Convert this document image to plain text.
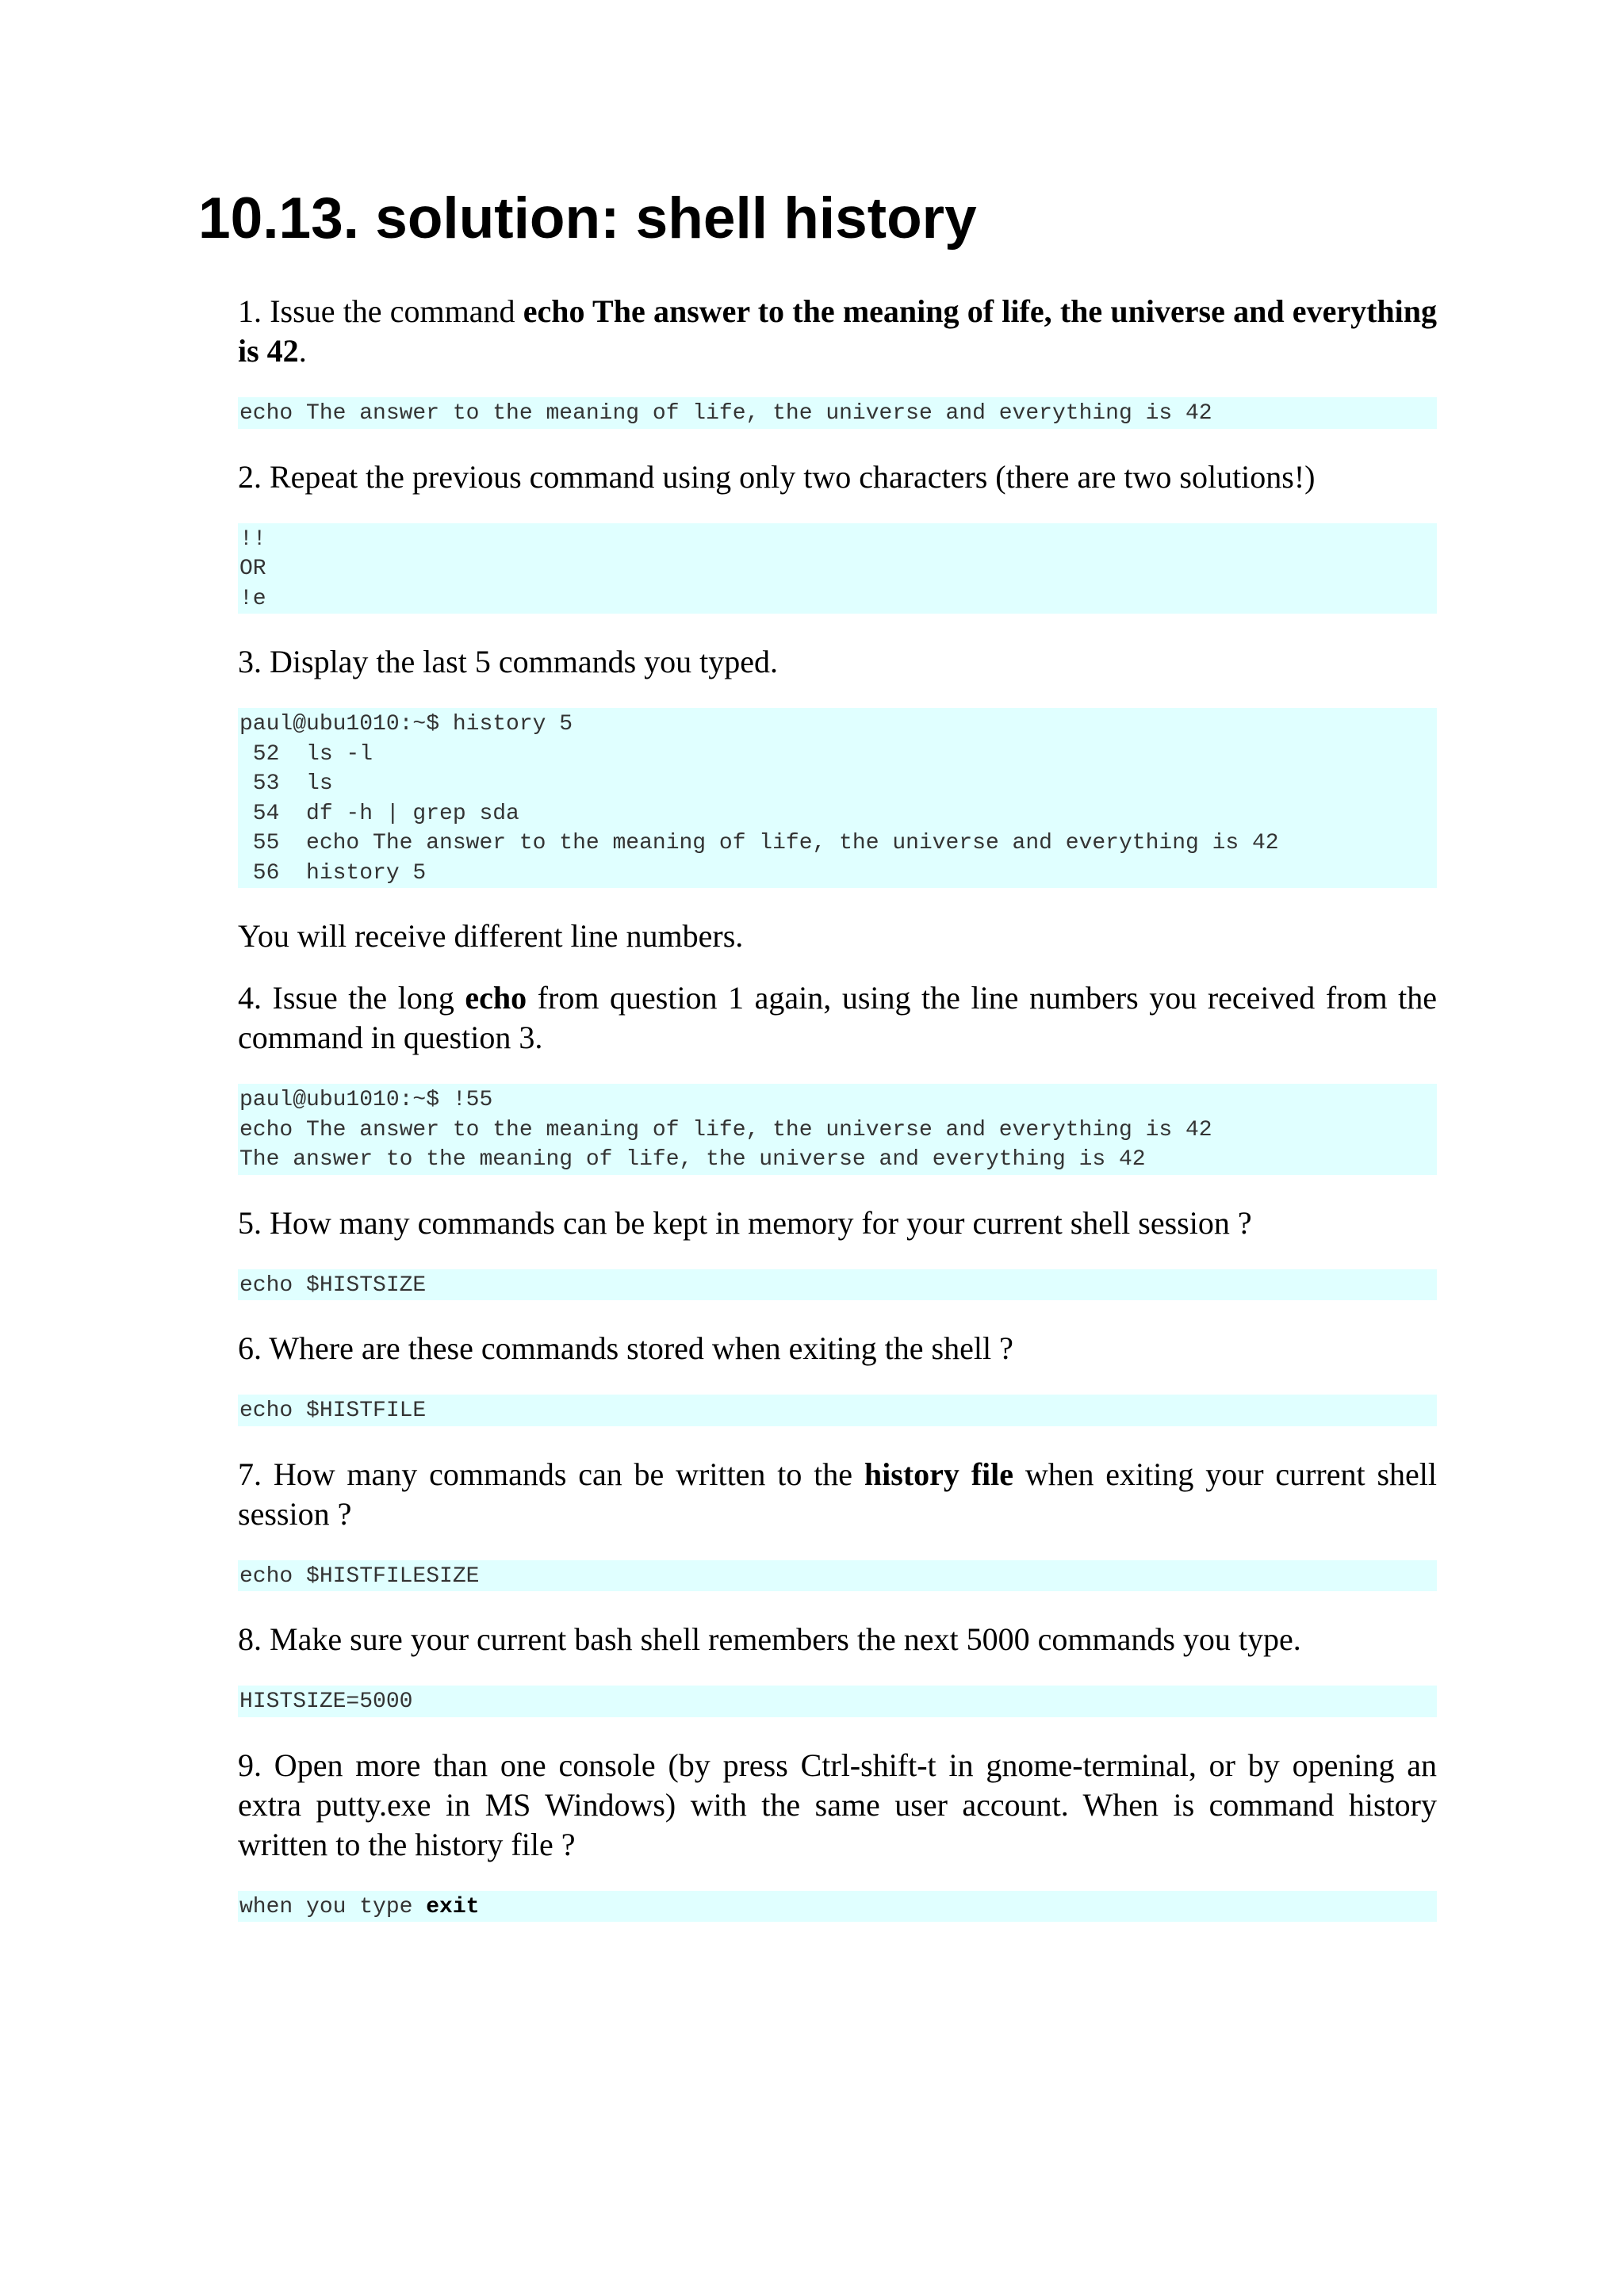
10.13. solution: shell history

1. Issue the command echo The answer to the meaning of life, the universe and everything is 42.

echo The answer to the meaning of life, the universe and everything is 42

2. Repeat the previous command using only two characters (there are two solutions!)

!!
OR
!e

3. Display the last 5 commands you typed.

paul@ubu1010:~$ history 5
52  ls -l
53  ls
54  df -h | grep sda
55  echo The answer to the meaning of life, the universe and everything is 42
56  history 5

You will receive different line numbers.

4. Issue the long echo from question 1 again, using the line numbers you received from the command in question 3.

paul@ubu1010:~$ !55
echo The answer to the meaning of life, the universe and everything is 42
The answer to the meaning of life, the universe and everything is 42

5. How many commands can be kept in memory for your current shell session ?

echo $HISTSIZE

6. Where are these commands stored when exiting the shell ?

echo $HISTFILE

7. How many commands can be written to the history file when exiting your current shell session ?

echo $HISTFILESIZE

8. Make sure your current bash shell remembers the next 5000 commands you type.

HISTSIZE=5000

9. Open more than one console (by press Ctrl-shift-t in gnome-terminal, or by opening an extra putty.exe in MS Windows) with the same user account. When is command history written to the history file ?

when you type exit
